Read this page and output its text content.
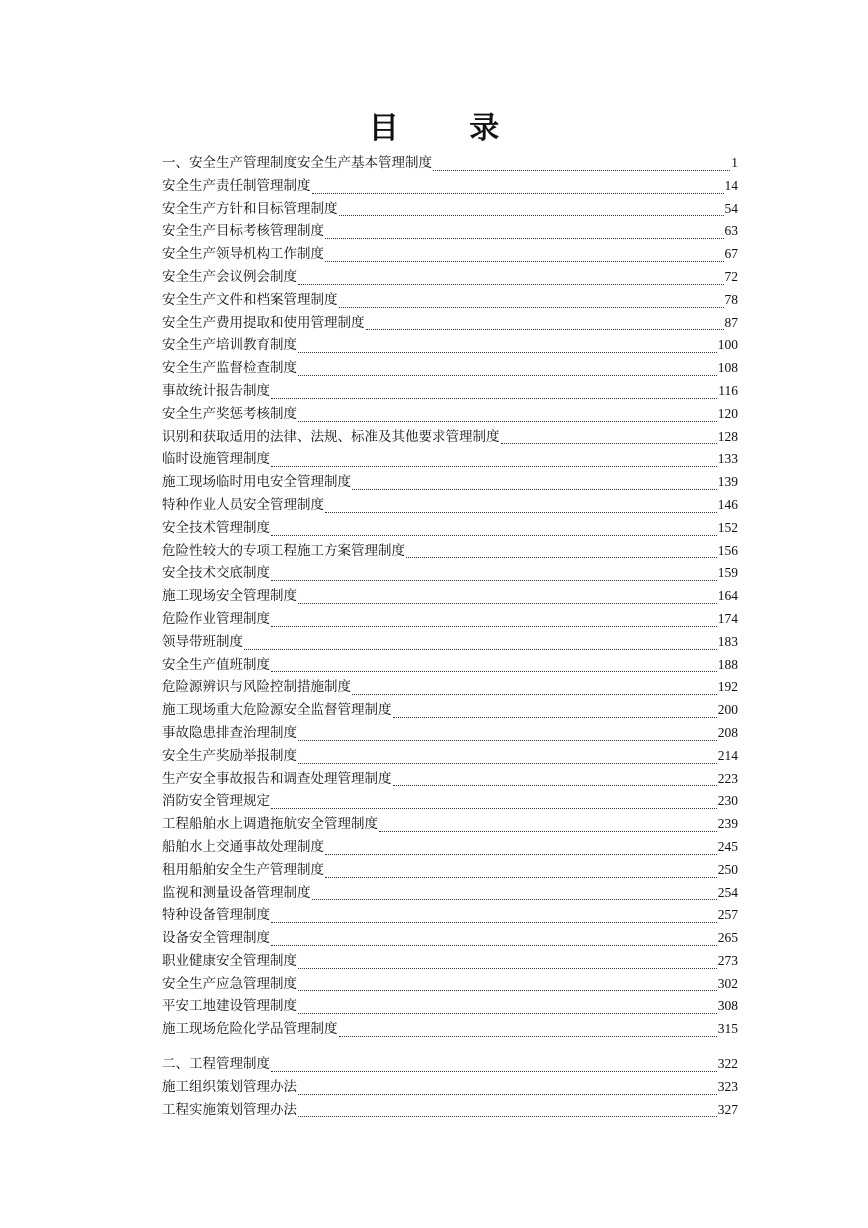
目 录
一、安全生产管理制度安全生产基本管理制度	1
安全生产责任制管理制度	14
安全生产方针和目标管理制度	54
安全生产目标考核管理制度	63
安全生产领导机构工作制度	67
安全生产会议例会制度	72
安全生产文件和档案管理制度	78
安全生产费用提取和使用管理制度	87
安全生产培训教育制度	100
安全生产监督检查制度	108
事故统计报告制度	116
安全生产奖惩考核制度	120
识别和获取适用的法律、法规、标准及其他要求管理制度	128
临时设施管理制度	133
施工现场临时用电安全管理制度	139
特种作业人员安全管理制度	146
安全技术管理制度	152
危险性较大的专项工程施工方案管理制度	156
安全技术交底制度	159
施工现场安全管理制度	164
危险作业管理制度	174
领导带班制度	183
安全生产值班制度	188
危险源辨识与风险控制措施制度	192
施工现场重大危险源安全监督管理制度	200
事故隐患排查治理制度	208
安全生产奖励举报制度	214
生产安全事故报告和调查处理管理制度	223
消防安全管理规定	230
工程船舶水上调遣拖航安全管理制度	239
船舶水上交通事故处理制度	245
租用船舶安全生产管理制度	250
监视和测量设备管理制度	254
特种设备管理制度	257
设备安全管理制度	265
职业健康安全管理制度	273
安全生产应急管理制度	302
平安工地建设管理制度	308
施工现场危险化学品管理制度	315
二、工程管理制度	322
施工组织策划管理办法	323
工程实施策划管理办法	327
